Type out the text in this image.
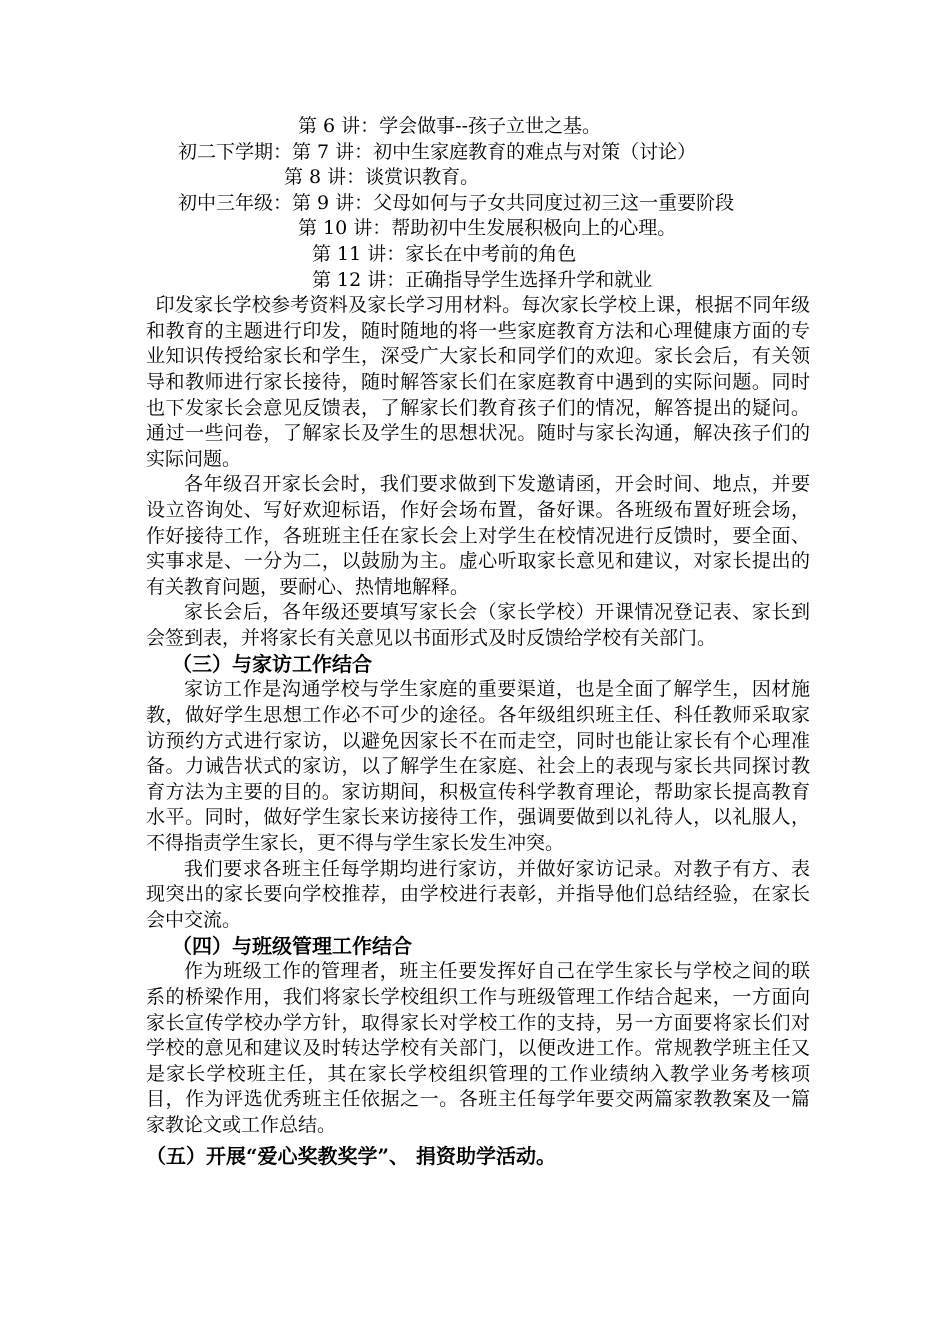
第 6 讲：学会做事--孩子立世之基。
初二下学期：第 7 讲：初中生家庭教育的难点与对策（讨论）
第 8 讲：谈赏识教育。
初中三年级：第 9 讲：父母如何与子女共同度过初三这一重要阶段
第 10 讲：帮助初中生发展积极向上的心理。
第 11 讲：家长在中考前的角色
第 12 讲：正确指导学生选择升学和就业

印发家长学校参考资料及家长学习用材料。每次家长学校上课，根据不同年级和教育的主题进行印发，随时随地的将一些家庭教育方法和心理健康方面的专业知识传授给家长和学生，深受广大家长和同学们的欢迎。家长会后，有关领导和教师进行家长接待，随时解答家长们在家庭教育中遇到的实际问题。同时也下发家长会意见反馈表，了解家长们教育孩子们的情况，解答提出的疑问。通过一些问卷，了解家长及学生的思想状况。随时与家长沟通，解决孩子们的实际问题。

各年级召开家长会时，我们要求做到下发邀请函，开会时间、地点，并要设立咨询处、写好欢迎标语，作好会场布置，备好课。各班级布置好班会场，作好接待工作，各班班主任在家长会上对学生在校情况进行反馈时，要全面、实事求是、一分为二，以鼓励为主。虚心听取家长意见和建议，对家长提出的有关教育问题，要耐心、热情地解释。

家长会后，各年级还要填写家长会（家长学校）开课情况登记表、家长到会签到表，并将家长有关意见以书面形式及时反馈给学校有关部门。

（三）与家访工作结合

家访工作是沟通学校与学生家庭的重要渠道，也是全面了解学生，因材施教，做好学生思想工作必不可少的途径。各年级组织班主任、科任教师采取家访预约方式进行家访，以避免因家长不在而走空，同时也能让家长有个心理准备。力诫告状式的家访，以了解学生在家庭、社会上的表现与家长共同探讨教育方法为主要的目的。家访期间，积极宣传科学教育理论，帮助家长提高教育水平。同时，做好学生家长来访接待工作，强调要做到以礼待人，以礼服人，不得指责学生家长，更不得与学生家长发生冲突。

我们要求各班主任每学期均进行家访，并做好家访记录。对教子有方、表现突出的家长要向学校推荐，由学校进行表彰，并指导他们总结经验，在家长会中交流。

（四）与班级管理工作结合

作为班级工作的管理者，班主任要发挥好自己在学生家长与学校之间的联系的桥梁作用，我们将家长学校组织工作与班级管理工作结合起来，一方面向家长宣传学校办学方针，取得家长对学校工作的支持，另一方面要将家长们对学校的意见和建议及时转达学校有关部门，以便改进工作。常规教学班主任又是家长学校班主任，其在家长学校组织管理的工作业绩纳入教学业务考核项目，作为评选优秀班主任依据之一。各班主任每学年要交两篇家教教案及一篇家教论文或工作总结。

（五）开展“爱心奖教奖学”、 捐资助学活动。
